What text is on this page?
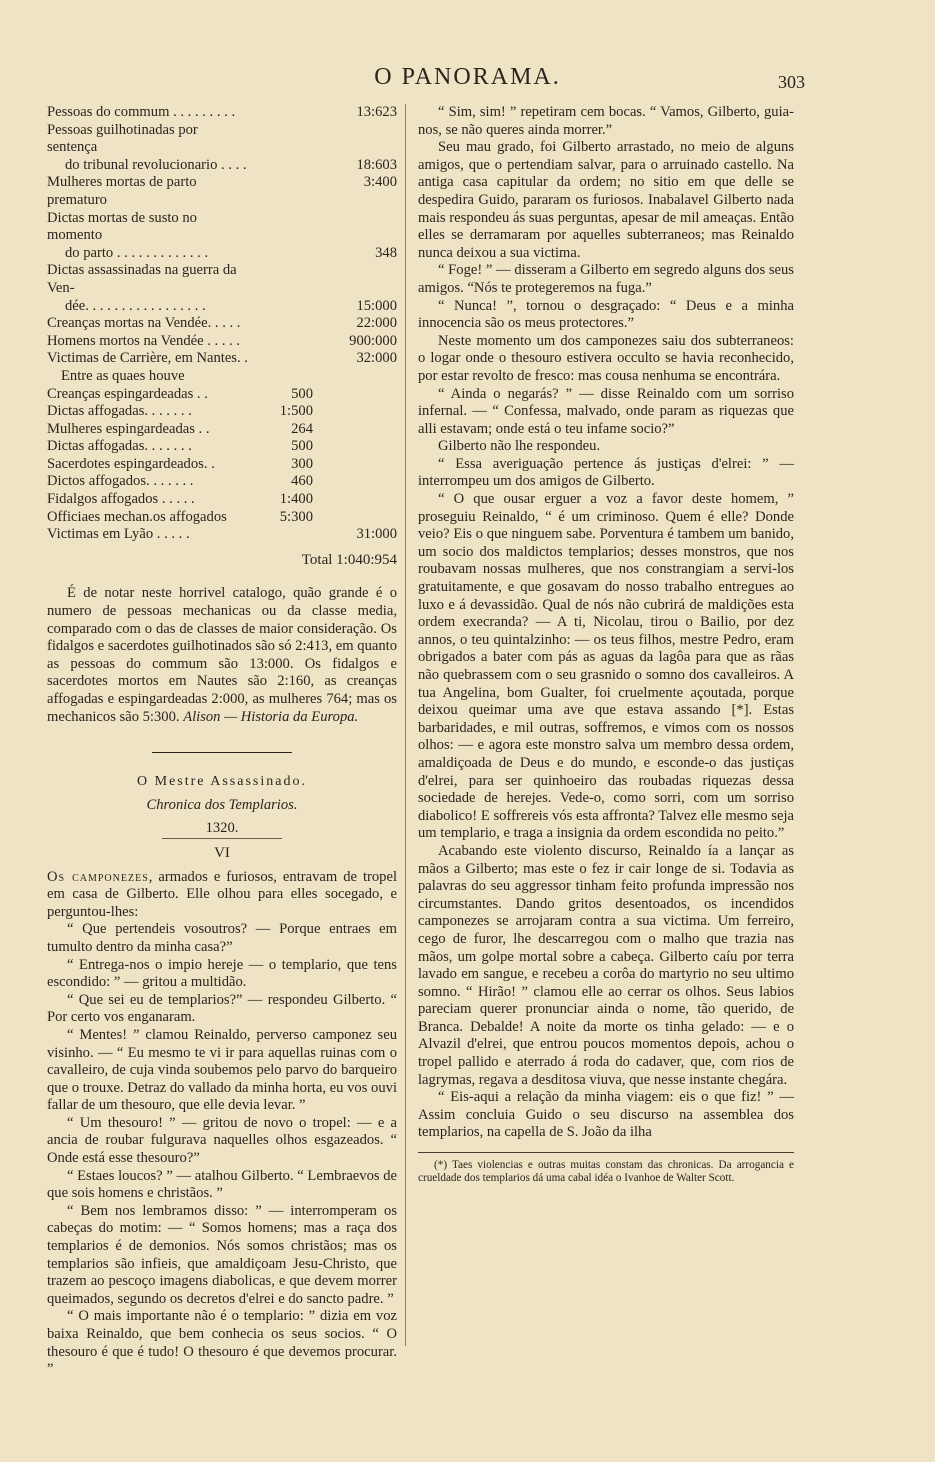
O PANORAMA.	303
Pessoas do commum . . . . . . . . .		13:623
Pessoas guilhotinadas por sentença		
do tribunal revolucionario . . . .		18:603
Mulheres mortas de parto prematuro		3:400
Dictas mortas de susto no momento		
do parto . . . . . . . . . . . . .		348
Dictas assassinadas na guerra da Ven-		
dée. . . . . . . . . . . . . . . . .		15:000
Creanças mortas na Vendée. . . . .		22:000
Homens mortos na Vendée . . . . .		900:000
Victimas de Carrière, em Nantes. .		32:000
Entre as quaes houve		
Creanças espingardeadas . .	500	
Dictas affogadas. . . . . . .	1:500	
Mulheres espingardeadas . .	264	
Dictas affogadas. . . . . . .	500	
Sacerdotes espingardeados. .	300	
Dictos affogados. . . . . . .	460	
Fidalgos affogados . . . . .	1:400	
Officiaes mechan.os affogados	5:300	
Victimas em Lyão . . . . .		31:000
Total 1:040:954

É de notar neste horrivel catalogo, quão grande é o numero de pessoas mechanicas ou da classe media, comparado com o das de classes de maior consideração. Os fidalgos e sacerdotes guilhotinados são só 2:413, em quanto as pessoas do commum são 13:000. Os fidalgos e sacerdotes mortos em Nautes são 2:160, as creanças affogadas e espingardeadas 2:000, as mulheres 764; mas os mechanicos são 5:300. Alison — Historia da Europa.

O Mestre Assassinado.
Chronica dos Templarios.
1320.
VI

Os camponezes, armados e furiosos, entravam de tropel em casa de Gilberto. Elle olhou para elles socegado, e perguntou-lhes:

“ Que pertendeis vosoutros? — Porque entraes em tumulto dentro da minha casa?”

“ Entrega-nos o impio hereje — o templario, que tens escondido: ” — gritou a multidão.

“ Que sei eu de templarios?” — respondeu Gilberto. “ Por certo vos enganaram.

“ Mentes! ” clamou Reinaldo, perverso camponez seu visinho. — “ Eu mesmo te vi ir para aquellas ruinas com o cavalleiro, de cuja vinda soubemos pelo parvo do barqueiro que o trouxe. Detraz do vallado da minha horta, eu vos ouvi fallar de um thesouro, que elle devia levar. ”

“ Um thesouro! ” — gritou de novo o tropel: — e a ancia de roubar fulgurava naquelles olhos esgazeados. “ Onde está esse thesouro?”

“ Estaes loucos? ” — atalhou Gilberto. “ Lembraevos de que sois homens e christãos. ”

“ Bem nos lembramos disso: ” — interromperam os cabeças do motim: — “ Somos homens; mas a raça dos templarios é de demonios. Nós somos christãos; mas os templarios são infieis, que amaldiçoam Jesu-Christo, que trazem ao pescoço imagens diabolicas, e que devem morrer queimados, segundo os decretos d'elrei e do sancto padre. ”

“ O mais importante não é o templario: ” dizia em voz baixa Reinaldo, que bem conhecia os seus socios. “ O thesouro é que é tudo! O thesouro é que devemos procurar. ”

“ Sim, sim! ” repetiram cem bocas. “ Vamos, Gilberto, guia-nos, se não queres ainda morrer.”

Seu mau grado, foi Gilberto arrastado, no meio de alguns amigos, que o pertendiam salvar, para o arruinado castello. Na antiga casa capitular da ordem; no sitio em que delle se despedira Guido, pararam os furiosos. Inabalavel Gilberto nada mais respondeu ás suas perguntas, apesar de mil ameaças. Então elles se derramaram por aquelles subterraneos; mas Reinaldo nunca deixou a sua victima.

“ Foge! ” — disseram a Gilberto em segredo alguns dos seus amigos. “Nós te protegeremos na fuga.”

“ Nunca! ”, tornou o desgraçado: “ Deus e a minha innocencia são os meus protectores.”

Neste momento um dos camponezes saiu dos subterraneos: o logar onde o thesouro estivera occulto se havia reconhecido, por estar revolto de fresco: mas cousa nenhuma se encontrára.

“ Ainda o negarás? ” — disse Reinaldo com um sorriso infernal. — “ Confessa, malvado, onde param as riquezas que alli estavam; onde está o teu infame socio?”

Gilberto não lhe respondeu.

“ Essa averiguação pertence ás justiças d'elrei: ” — interrompeu um dos amigos de Gilberto.

“ O que ousar erguer a voz a favor deste homem, ” proseguiu Reinaldo, “ é um criminoso. Quem é elle? Donde veio? Eis o que ninguem sabe. Porventura é tambem um banido, um socio dos maldictos templarios; desses monstros, que nos roubavam nossas mulheres, que nos constrangiam a servi-los gratuitamente, e que gosavam do nosso trabalho entregues ao luxo e á devassidão. Qual de nós não cubrirá de maldições esta ordem execranda? — A ti, Nicolau, tirou o Bailio, por dez annos, o teu quintalzinho: — os teus filhos, mestre Pedro, eram obrigados a bater com pás as aguas da lagôa para que as rãas não quebrassem com o seu grasnido o somno dos cavalleiros. A tua Angelina, bom Gualter, foi cruelmente açoutada, porque deixou queimar uma ave que estava assando [*]. Estas barbaridades, e mil outras, soffremos, e vimos com os nossos olhos: — e agora este monstro salva um membro dessa ordem, amaldiçoada de Deus e do mundo, e esconde-o das justiças d'elrei, para ser quinhoeiro das roubadas riquezas dessa sociedade de herejes. Vede-o, como sorri, com um sorriso diabolico! E soffrereis vós esta affronta? Talvez elle mesmo seja um templario, e traga a insignia da ordem escondida no peito.”

Acabando este violento discurso, Reinaldo ía a lançar as mãos a Gilberto; mas este o fez ir cair longe de si. Todavia as palavras do seu aggressor tinham feito profunda impressão nos circumstantes. Dando gritos desentoados, os incendidos camponezes se arrojaram contra a sua victima. Um ferreiro, cego de furor, lhe descarregou com o malho que trazia nas mãos, um golpe mortal sobre a cabeça. Gilberto caíu por terra lavado em sangue, e recebeu a corôa do martyrio no seu ultimo somno. “ Hirão! ” clamou elle ao cerrar os olhos. Seus labios pareciam querer pronunciar ainda o nome, tão querido, de Branca. Debalde! A noite da morte os tinha gelado: — e o Alvazil d'elrei, que entrou poucos momentos depois, achou o tropel pallido e aterrado á roda do cadaver, que, com rios de lagrymas, regava a desditosa viuva, que nesse instante chegára.

“ Eis-aqui a relação da minha viagem: eis o que fiz! ” — Assim concluia Guido o seu discurso na assemblea dos templarios, na capella de S. João da ilha

(*) Taes violencias e outras muitas constam das chronicas. Da arrogancia e crueldade dos templarios dá uma cabal idéa o Ivanhoe de Walter Scott.
